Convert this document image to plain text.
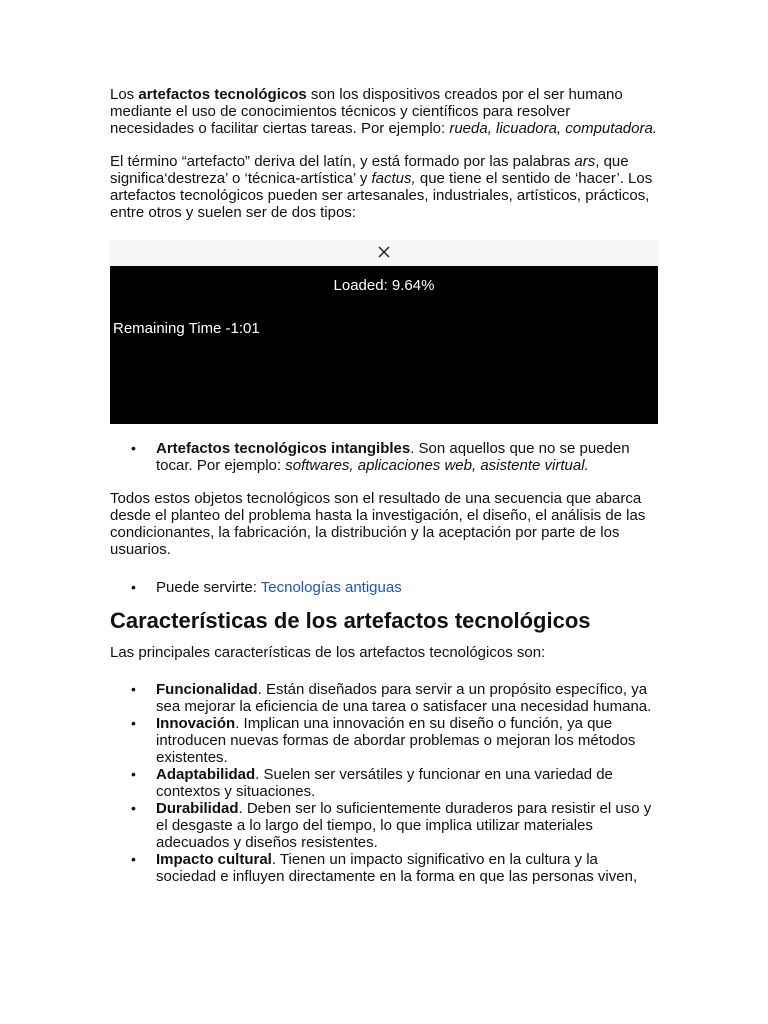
Los artefactos tecnológicos son los dispositivos creados por el ser humano mediante el uso de conocimientos técnicos y científicos para resolver necesidades o facilitar ciertas tareas. Por ejemplo: rueda, licuadora, computadora.

El término “artefacto” deriva del latín, y está formado por las palabras ars, que significa‘destreza’ o ‘técnica-artística’ y factus, que tiene el sentido de ‘hacer’. Los artefactos tecnológicos pueden ser artesanales, industriales, artísticos, prácticos, entre otros y suelen ser de dos tipos:

Loaded: 9.64%
Remaining Time -1:01
• Artefactos tecnológicos intangibles. Son aquellos que no se pueden tocar. Por ejemplo: softwares, aplicaciones web, asistente virtual.

Todos estos objetos tecnológicos son el resultado de una secuencia que abarca desde el planteo del problema hasta la investigación, el diseño, el análisis de las condicionantes, la fabricación, la distribución y la aceptación por parte de los usuarios.

• Puede servirte: Tecnologías antiguas
Características de los artefactos tecnológicos

Las principales características de los artefactos tecnológicos son:

• Funcionalidad. Están diseñados para servir a un propósito específico, ya sea mejorar la eficiencia de una tarea o satisfacer una necesidad humana.
• Innovación. Implican una innovación en su diseño o función, ya que introducen nuevas formas de abordar problemas o mejoran los métodos existentes.
• Adaptabilidad. Suelen ser versátiles y funcionar en una variedad de contextos y situaciones.
• Durabilidad. Deben ser lo suficientemente duraderos para resistir el uso y el desgaste a lo largo del tiempo, lo que implica utilizar materiales adecuados y diseños resistentes.
• Impacto cultural. Tienen un impacto significativo en la cultura y la sociedad e influyen directamente en la forma en que las personas viven,
